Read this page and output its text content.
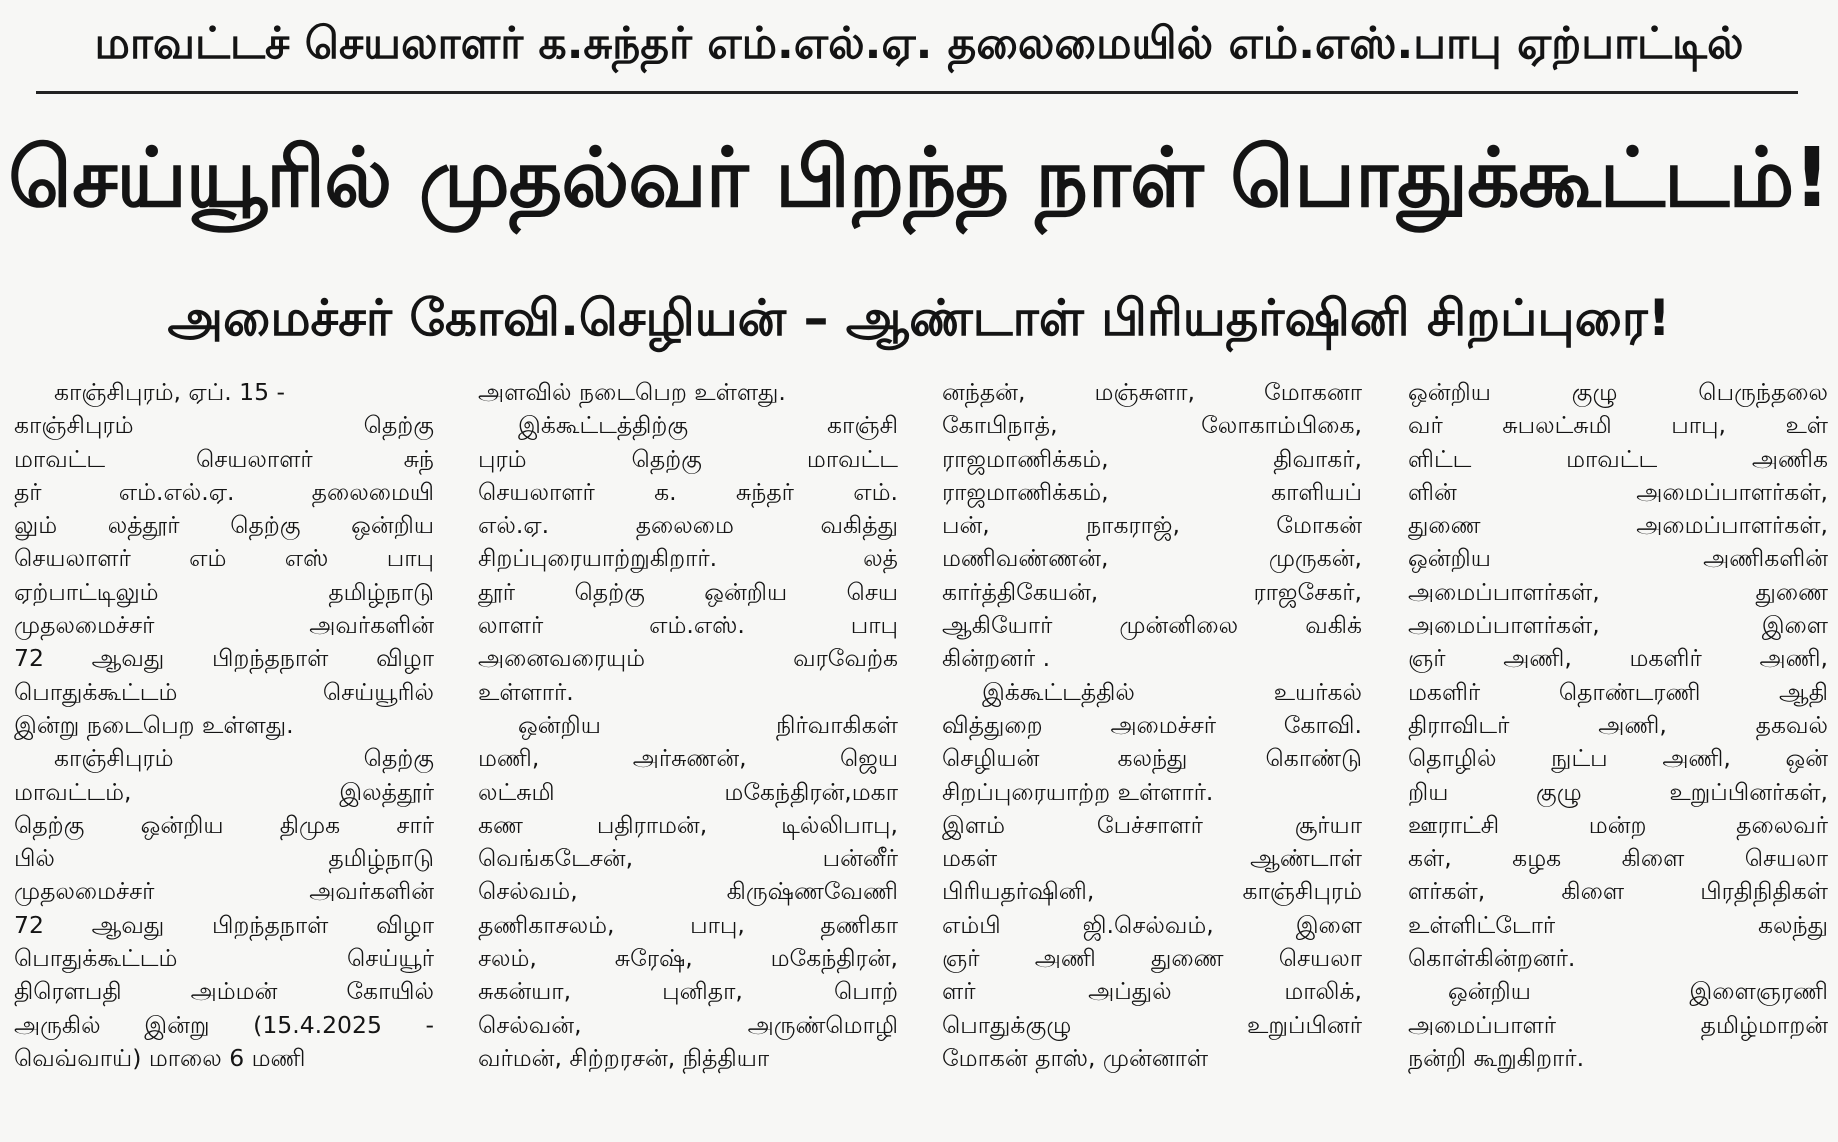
மாவட்டச் செயலாளர் க.சுந்தர் எம்.எல்.ஏ. தலைமையில் எம்.எஸ்.பாபு ஏற்பாட்டில்
செய்யூரில் முதல்வர் பிறந்த நாள் பொதுக்கூட்டம்!
அமைச்சர் கோவி.செழியன் – ஆண்டாள் பிரியதர்ஷினி சிறப்புரை!
காஞ்சிபுரம், ஏப். 15 -
காஞ்சிபுரம் தெற்கு
மாவட்ட செயலாளர் சுந்
தர் எம்.எல்.ஏ. தலைமையி
லும் லத்தூர் தெற்கு ஒன்றிய
செயலாளர் எம் எஸ் பாபு
ஏற்பாட்டிலும் தமிழ்நாடு
முதலமைச்சர் அவர்களின்
72 ஆவது பிறந்தநாள் விழா
பொதுக்கூட்டம் செய்யூரில்
இன்று நடைபெற உள்ளது.
காஞ்சிபுரம் தெற்கு
மாவட்டம், இலத்தூர்
தெற்கு ஒன்றிய திமுக சார்
பில் தமிழ்நாடு
முதலமைச்சர் அவர்களின்
72 ஆவது பிறந்தநாள் விழா
பொதுக்கூட்டம் செய்யூர்
திரௌபதி அம்மன் கோயில்
அருகில் இன்று (15.4.2025 -
வெவ்வாய்) மாலை 6 மணி
அளவில் நடைபெற உள்ளது.
இக்கூட்டத்திற்கு காஞ்சி
புரம் தெற்கு மாவட்ட
செயலாளர் க. சுந்தர் எம்.
எல்.ஏ. தலைமை வகித்து
சிறப்புரையாற்றுகிறார். லத்
தூர் தெற்கு ஒன்றிய செய
லாளர் எம்.எஸ். பாபு
அனைவரையும் வரவேற்க
உள்ளார்.
ஒன்றிய நிர்வாகிகள்
மணி, அர்சுணன், ஜெய
லட்சுமி மகேந்திரன்,மகா
கண பதிராமன், டில்லிபாபு,
வெங்கடேசன், பன்னீர்
செல்வம், கிருஷ்ணவேணி
தணிகாசலம், பாபு, தணிகா
சலம், சுரேஷ், மகேந்திரன்,
சுகன்யா, புனிதா, பொற்
செல்வன், அருண்மொழி
வர்மன், சிற்றரசன், நித்தியா
னந்தன், மஞ்சுளா, மோகனா
கோபிநாத், லோகாம்பிகை,
ராஜமாணிக்கம், திவாகர்,
ராஜமாணிக்கம், காளியப்
பன், நாகராஜ், மோகன்
மணிவண்ணன், முருகன்,
கார்த்திகேயன், ராஜசேகர்,
ஆகியோர் முன்னிலை வகிக்
கின்றனர் .
இக்கூட்டத்தில் உயர்கல்
வித்துறை அமைச்சர் கோவி.
செழியன் கலந்து கொண்டு
சிறப்புரையாற்ற உள்ளார்.
இளம் பேச்சாளர் சூர்யா
மகள் ஆண்டாள்
பிரியதர்ஷினி, காஞ்சிபுரம்
எம்பி ஜி.செல்வம், இளை
ஞர் அணி துணை செயலா
ளர் அப்துல் மாலிக்,
பொதுக்குழு உறுப்பினர்
மோகன் தாஸ், முன்னாள்
ஒன்றிய குழு பெருந்தலை
வர் சுபலட்சுமி பாபு, உள்
ளிட்ட மாவட்ட அணிக
ளின் அமைப்பாளர்கள்,
துணை அமைப்பாளர்கள்,
ஒன்றிய அணிகளின்
அமைப்பாளர்கள், துணை
அமைப்பாளர்கள், இளை
ஞர் அணி, மகளிர் அணி,
மகளிர் தொண்டரணி ஆதி
திராவிடர் அணி, தகவல்
தொழில் நுட்ப அணி, ஒன்
றிய குழு உறுப்பினர்கள்,
ஊராட்சி மன்ற தலைவர்
கள், கழக கிளை செயலா
ளர்கள், கிளை பிரதிநிதிகள்
உள்ளிட்டோர் கலந்து
கொள்கின்றனர்.
ஒன்றிய இளைஞரணி
அமைப்பாளர் தமிழ்மாறன்
நன்றி கூறுகிறார்.
